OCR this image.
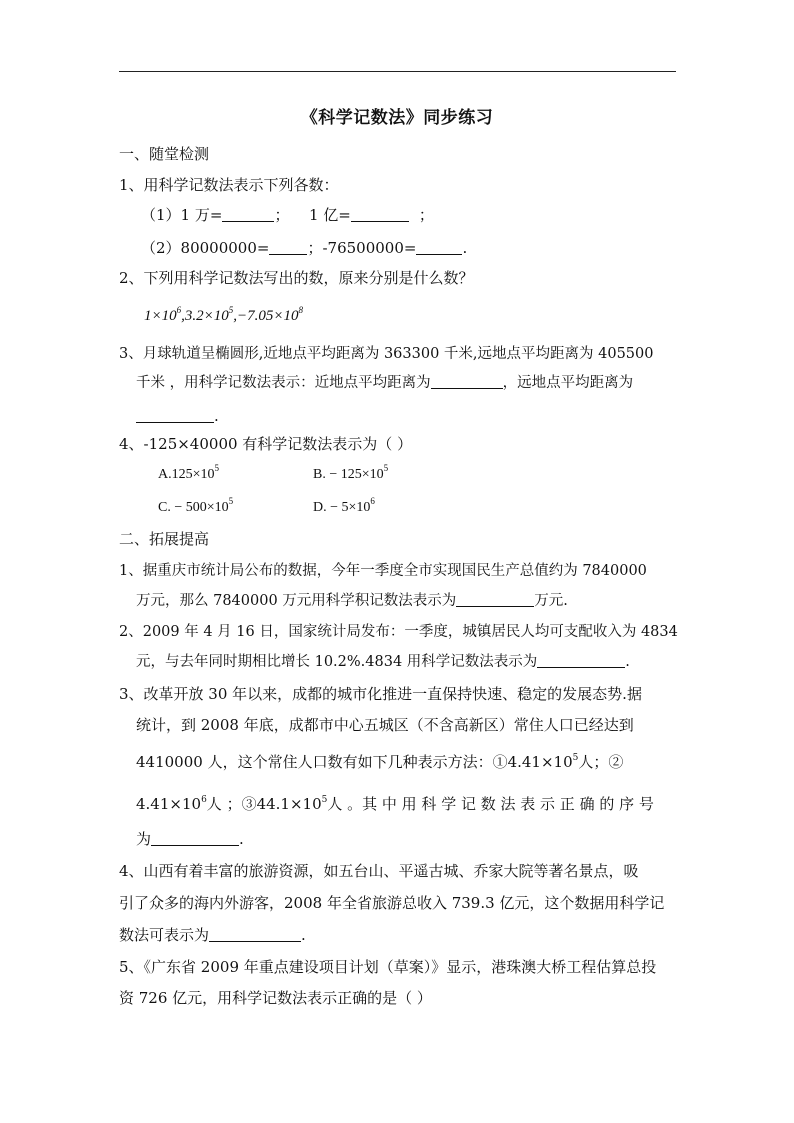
《科学记数法》同步练习
一、随堂检测
1、用科学记数法表示下列各数：
（1）1 万=	； 1 亿=	；
（2）80000000=	；-76500000=	.
2、下列用科学记数法写出的数，原来分别是什么数？
$1\times 10^6,3.2\times 10^5,-7.05\times 10^8$
3、月球轨道呈椭圆形,近地点平均距离为 363300 千米,远地点平均距离为 405500
千米 ，用科学记数法表示：近地点平均距离为	，远地点平均距离为
.
4、-125×40000 有科学记数法表示为（ ）
$A.125\times 10^5$	B. − $125\times 10^5$
C. − $500\times 10^5$	D. − $5\times 10^6$
二、拓展提高
1、据重庆市统计局公布的数据，今年一季度全市实现国民生产总值约为 7840000
万元，那么 7840000 万元用科学积记数法表示为	万元.
2、2009 年 4 月 16 日，国家统计局发布：一季度，城镇居民人均可支配收入为 4834
元，与去年同时期相比增长 10.2%.4834 用科学记数法表示为	.
3、改革开放 30 年以来，成都的城市化推进一直保持快速、稳定的发展态势.据
统计，到 2008 年底，成都市中心五城区（不含高新区）常住人口已经达到
4410000 人，这个常住人口数有如下几种表示方法：$①4.41\times 10^5$人；②
$4.41\times 10^6$人 ；$③44.1\times 10^5$人 。其 中 用 科 学 记 数 法 表 示 正 确 的 序 号
为	.
4、山西有着丰富的旅游资源，如五台山、平遥古城、乔家大院等著名景点，吸
引了众多的海内外游客，2008 年全省旅游总收入 739.3 亿元，这个数据用科学记
数法可表示为	.
5、《广东省 2009 年重点建设项目计划（草案）》显示，港珠澳大桥工程估算总投
资 726 亿元，用科学记数法表示正确的是（ ）
